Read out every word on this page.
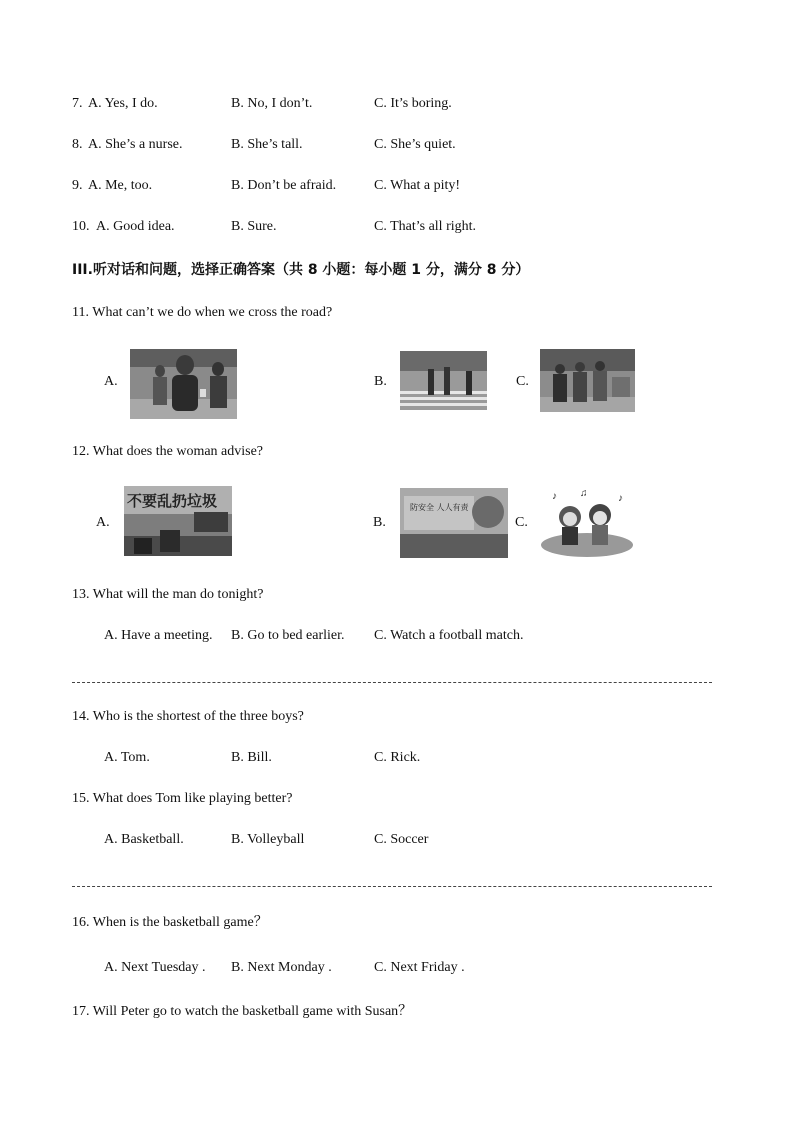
7. A. Yes, I do.	B. No, I don’t.	C. It’s boring.
8. A. She’s a nurse.	B. She’s tall.	C. She’s quiet.
9. A. Me, too.	B. Don’t be afraid.	C. What a pity!
10. A. Good idea.	B. Sure.	C. That’s all right.
III.听对话和问题，选择正确答案（共 8 小题：每小题 1 分，满分 8 分）
11. What can’t we do when we cross the road?
A.	B.	C.
12. What does the woman advise?
A.
不要乱扔垃圾
B.
防安全 人人有责
C.
♪ ♫	♪
13. What will the man do tonight?
A. Have a meeting. B. Go to bed earlier. C. Watch a football match.
14. Who is the shortest of the three boys?
A. Tom.	B. Bill.	C. Rick.
15. What does Tom like playing better?
A. Basketball.	B. Volleyball	C. Soccer
16. When is the basketball game？
A. Next Tuesday . B. Next Monday .	C. Next Friday .
17. Will Peter go to watch the basketball game with Susan？
